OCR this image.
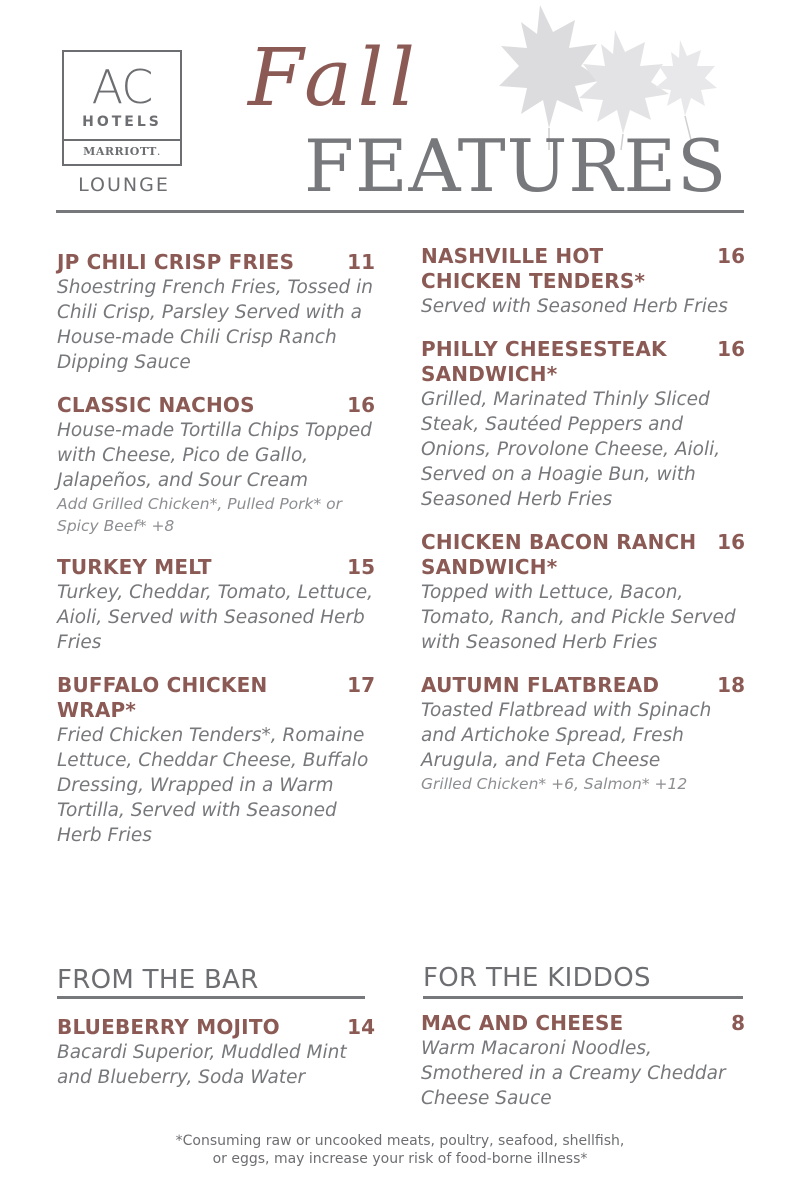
AC
HOTELS
MARRIOTT.
LOUNGE
Fall
FEATURES
JP CHILI CRISP FRIES	11
Shoestring French Fries, Tossed in Chili Crisp, Parsley Served with a House-made Chili Crisp Ranch Dipping Sauce
CLASSIC NACHOS	16
House-made Tortilla Chips Topped with Cheese, Pico de Gallo, Jalapeños, and Sour Cream
Add Grilled Chicken*, Pulled Pork* or Spicy Beef* +8
TURKEY MELT	15
Turkey, Cheddar, Tomato, Lettuce, Aioli, Served with Seasoned Herb Fries
BUFFALO CHICKEN WRAP*
17
Fried Chicken Tenders*, Romaine Lettuce, Cheddar Cheese, Buffalo Dressing, Wrapped in a Warm Tortilla, Served with Seasoned Herb Fries
NASHVILLE HOT CHICKEN TENDERS*
16
Served with Seasoned Herb Fries
PHILLY CHEESESTEAK SANDWICH*
16
Grilled, Marinated Thinly Sliced Steak, Sautéed Peppers and Onions, Provolone Cheese, Aioli, Served on a Hoagie Bun, with Seasoned Herb Fries
CHICKEN BACON RANCH SANDWICH*
16
Topped with Lettuce, Bacon, Tomato, Ranch, and Pickle Served with Seasoned Herb Fries
AUTUMN FLATBREAD	18
Toasted Flatbread with Spinach and Artichoke Spread, Fresh Arugula, and Feta Cheese
Grilled Chicken* +6, Salmon* +12
FROM THE BAR	FOR THE KIDDOS
BLUEBERRY MOJITO	14
Bacardi Superior, Muddled Mint and Blueberry, Soda Water
MAC AND CHEESE	8
Warm Macaroni Noodles, Smothered in a Creamy Cheddar Cheese Sauce
*Consuming raw or uncooked meats, poultry, seafood, shellfish,
or eggs, may increase your risk of food-borne illness*
